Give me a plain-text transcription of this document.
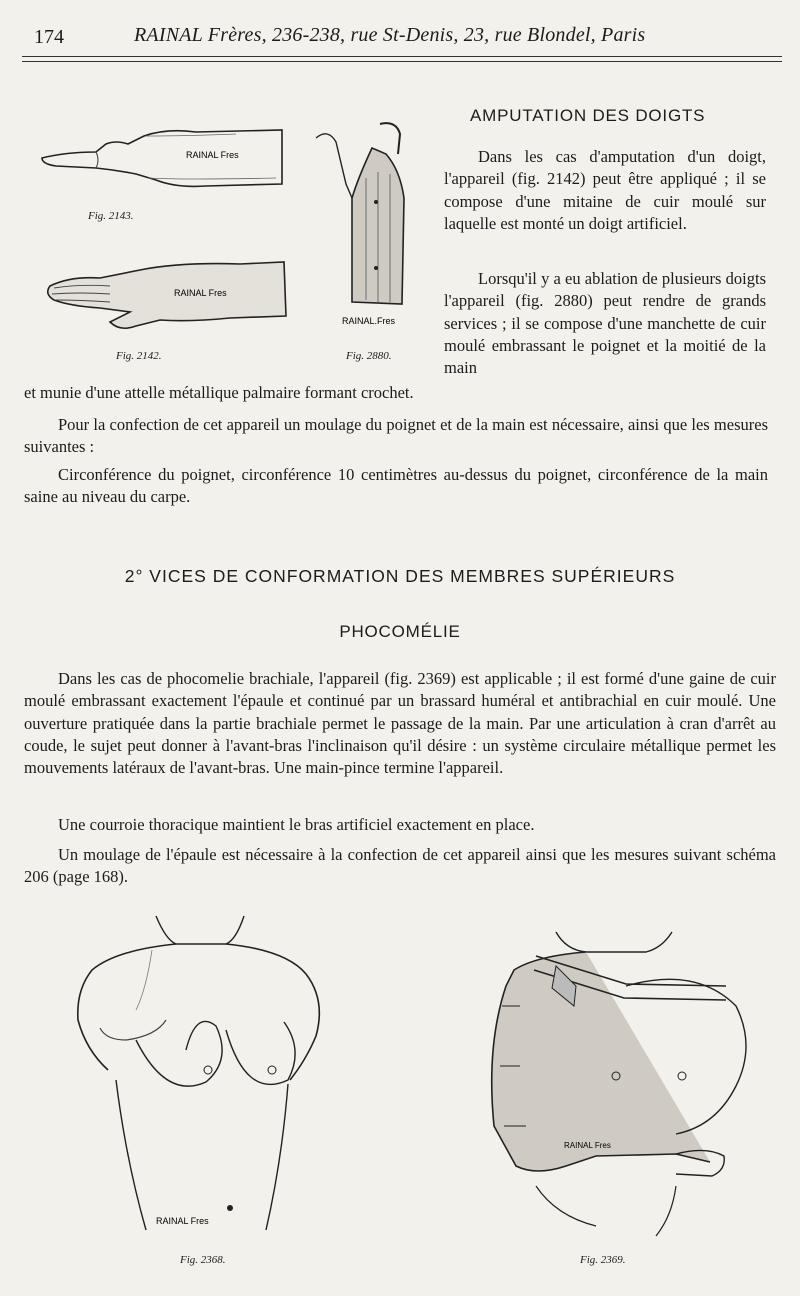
174	RAINAL Frères, 236-238, rue St-Denis, 23, rue Blondel, Paris
RAINAL Fres
Fig. 2143.
RAINAL Fres
Fig. 2142.
RAINAL.Fres
Fig. 2880.
AMPUTATION DES DOIGTS
Dans les cas d'amputation d'un doigt, l'appareil (fig. 2142) peut être appliqué ; il se compose d'une mitaine de cuir moulé sur laquelle est monté un doigt artificiel.
Lorsqu'il y a eu ablation de plusieurs doigts l'appareil (fig. 2880) peut rendre de grands services ; il se compose d'une manchette de cuir moulé embrassant le poignet et la moitié de la main
et munie d'une attelle métallique palmaire formant crochet.
Pour la confection de cet appareil un moulage du poignet et de la main est nécessaire, ainsi que les mesures suivantes :
Circonférence du poignet, circonférence 10 centimètres au-dessus du poignet, circonférence de la main saine au niveau du carpe.
2° VICES DE CONFORMATION DES MEMBRES SUPÉRIEURS
PHOCOMÉLIE
Dans les cas de phocomelie brachiale, l'appareil (fig. 2369) est applicable ; il est formé d'une gaine de cuir moulé embrassant exactement l'épaule et continué par un brassard huméral et antibrachial en cuir moulé. Une ouverture pratiquée dans la partie brachiale permet le passage de la main. Par une articulation à cran d'arrêt au coude, le sujet peut donner à l'avant-bras l'inclinaison qu'il désire : un système circulaire métallique permet les mouvements latéraux de l'avant-bras. Une main-pince termine l'appareil.
Une courroie thoracique maintient le bras artificiel exactement en place.
Un moulage de l'épaule est nécessaire à la confection de cet appareil ainsi que les mesures suivant schéma 206 (page 168).
RAINAL Fres
Fig. 2368.
RAINAL Fres
Fig. 2369.
